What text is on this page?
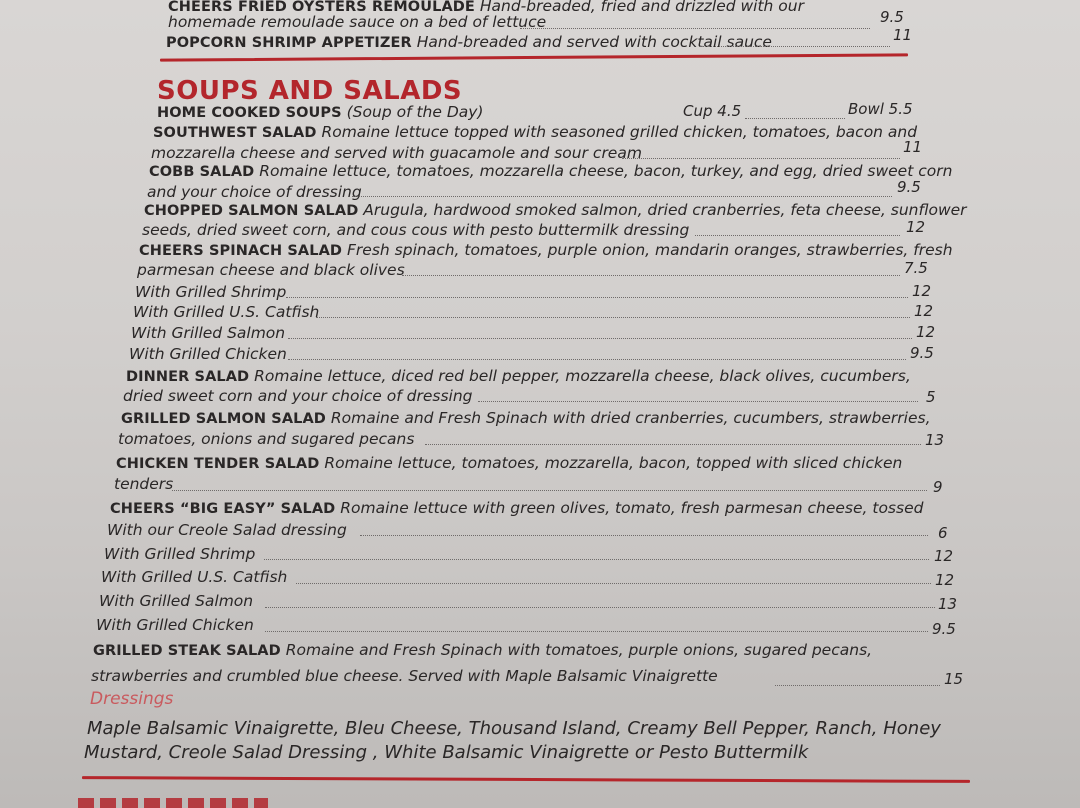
CHEERS FRIED OYSTERS REMOULADE Hand-breaded, fried and drizzled with our
homemade remoulade sauce on a bed of lettuce	9.5
POPCORN SHRIMP APPETIZER Hand-breaded and served with cocktail sauce	11
SOUPS AND SALADS
HOME COOKED SOUPS (Soup of the Day)	Cup 4.5	Bowl 5.5
SOUTHWEST SALAD Romaine lettuce topped with seasoned grilled chicken, tomatoes, bacon and
mozzarella cheese and served with guacamole and sour cream	11
COBB SALAD Romaine lettuce, tomatoes, mozzarella cheese, bacon, turkey, and egg, dried sweet corn
and your choice of dressing	9.5
CHOPPED SALMON SALAD Arugula, hardwood smoked salmon, dried cranberries, feta cheese, sunflower
seeds, dried sweet corn, and cous cous with pesto buttermilk dressing	12
CHEERS SPINACH SALAD Fresh spinach, tomatoes, purple onion, mandarin oranges, strawberries, fresh
parmesan cheese and black olives	7.5
With Grilled Shrimp	12
With Grilled U.S. Catfish	12
With Grilled Salmon	12
With Grilled Chicken	9.5
DINNER SALAD Romaine lettuce, diced red bell pepper, mozzarella cheese, black olives, cucumbers,
dried sweet corn and your choice of dressing	5
GRILLED SALMON SALAD Romaine and Fresh Spinach with dried cranberries, cucumbers, strawberries,
tomatoes, onions and sugared pecans	13
CHICKEN TENDER SALAD Romaine lettuce, tomatoes, mozzarella, bacon, topped with sliced chicken
tenders	9
CHEERS “BIG EASY” SALAD Romaine lettuce with green olives, tomato, fresh parmesan cheese, tossed
With our Creole Salad dressing	6
With Grilled Shrimp	12
With Grilled U.S. Catfish	12
With Grilled Salmon	13
With Grilled Chicken	9.5
GRILLED STEAK SALAD Romaine and Fresh Spinach with tomatoes, purple onions, sugared pecans,
strawberries and crumbled blue cheese. Served with Maple Balsamic Vinaigrette	15
Dressings
Maple Balsamic Vinaigrette, Bleu Cheese, Thousand Island, Creamy Bell Pepper, Ranch, Honey
Mustard, Creole Salad Dressing , White Balsamic Vinaigrette or Pesto Buttermilk
